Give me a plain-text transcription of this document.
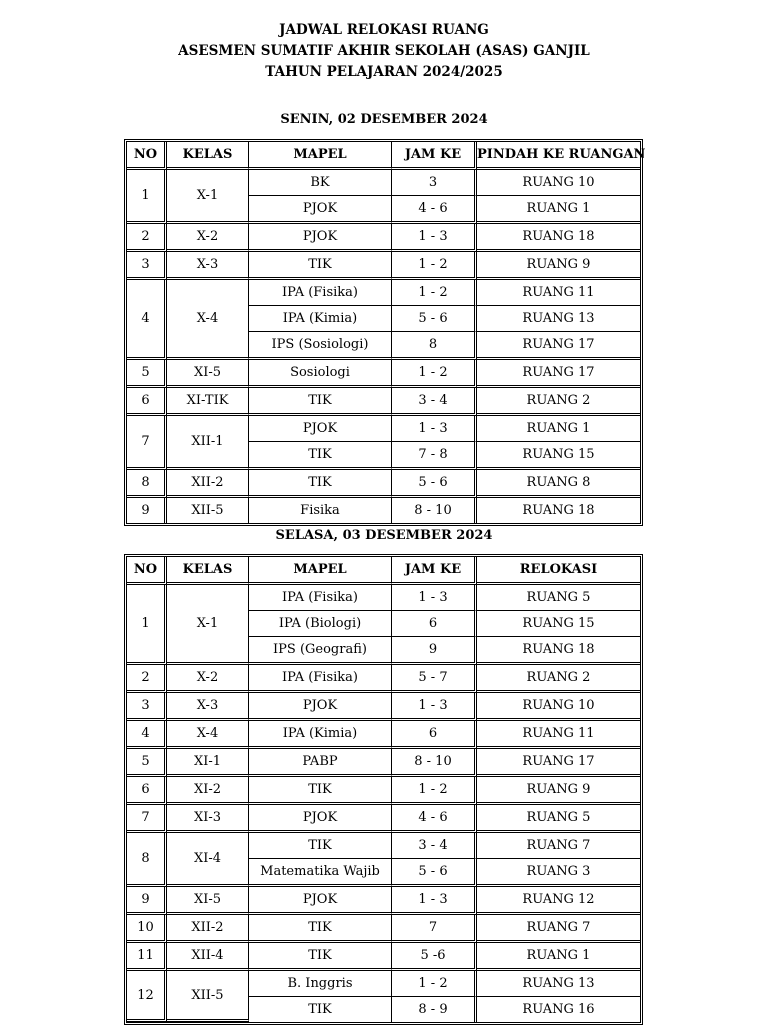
JADWAL RELOKASI RUANG
ASESMEN SUMATIF AKHIR SEKOLAH (ASAS) GANJIL
TAHUN PELAJARAN 2024/2025
SENIN, 02 DESEMBER 2024
NO	KELAS	MAPEL	JAM KE	PINDAH KE RUANGAN
1	X-1	BK	3	RUANG 10
		PJOK	4 - 6	RUANG 1
2	X-2	PJOK	1 - 3	RUANG 18
3	X-3	TIK	1 - 2	RUANG 9
4	X-4	IPA (Fisika)	1 - 2	RUANG 11
		IPA (Kimia)	5 - 6	RUANG 13
		IPS (Sosiologi)	8	RUANG 17
5	XI-5	Sosiologi	1 - 2	RUANG 17
6	XI-TIK	TIK	3 - 4	RUANG 2
7	XII-1	PJOK	1 - 3	RUANG 1
		TIK	7 - 8	RUANG 15
8	XII-2	TIK	5 - 6	RUANG 8
9	XII-5	Fisika	8 - 10	RUANG 18
SELASA, 03 DESEMBER 2024
NO	KELAS	MAPEL	JAM KE	RELOKASI
1	X-1	IPA (Fisika)	1 - 3	RUANG 5
		IPA (Biologi)	6	RUANG 15
		IPS (Geografi)	9	RUANG 18
2	X-2	IPA (Fisika)	5 - 7	RUANG 2
3	X-3	PJOK	1 - 3	RUANG 10
4	X-4	IPA (Kimia)	6	RUANG 11
5	XI-1	PABP	8 - 10	RUANG 17
6	XI-2	TIK	1 - 2	RUANG 9
7	XI-3	PJOK	4 - 6	RUANG 5
8	XI-4	TIK	3 - 4	RUANG 7
		Matematika Wajib	5 - 6	RUANG 3
9	XI-5	PJOK	1 - 3	RUANG 12
10	XII-2	TIK	7	RUANG 7
11	XII-4	TIK	5 -6	RUANG 1
12	XII-5	B. Inggris	1 - 2	RUANG 13
		TIK	8 - 9	RUANG 16
